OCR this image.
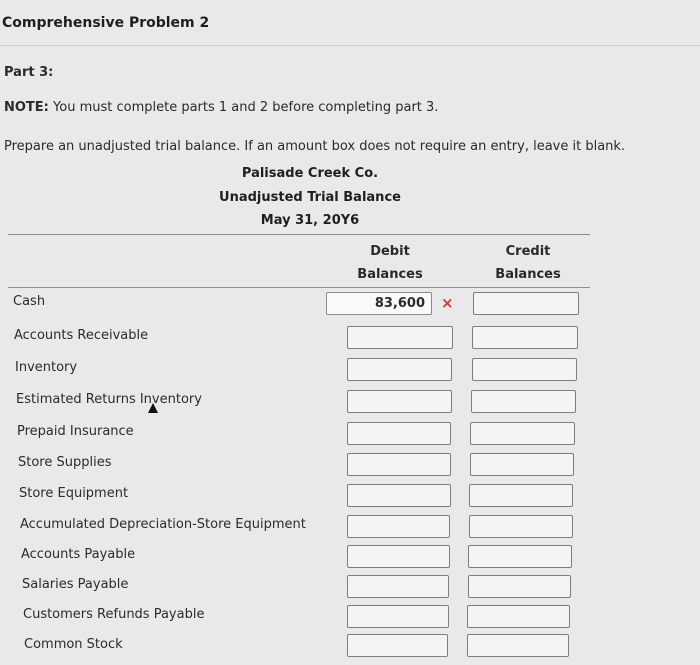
Comprehensive Problem 2
Part 3:
NOTE: You must complete parts 1 and 2 before completing part 3.
Prepare an unadjusted trial balance. If an amount box does not require an entry, leave it blank.
Palisade Creek Co.
Unadjusted Trial Balance
May 31, 20Y6
Debit
Balances
Credit
Balances
Cash	83,600 ×
Accounts Receivable
Inventory
Estimated Returns Inventory
Prepaid Insurance
Store Supplies
Store Equipment
Accumulated Depreciation-Store Equipment
Accounts Payable
Salaries Payable
Customers Refunds Payable
Common Stock
